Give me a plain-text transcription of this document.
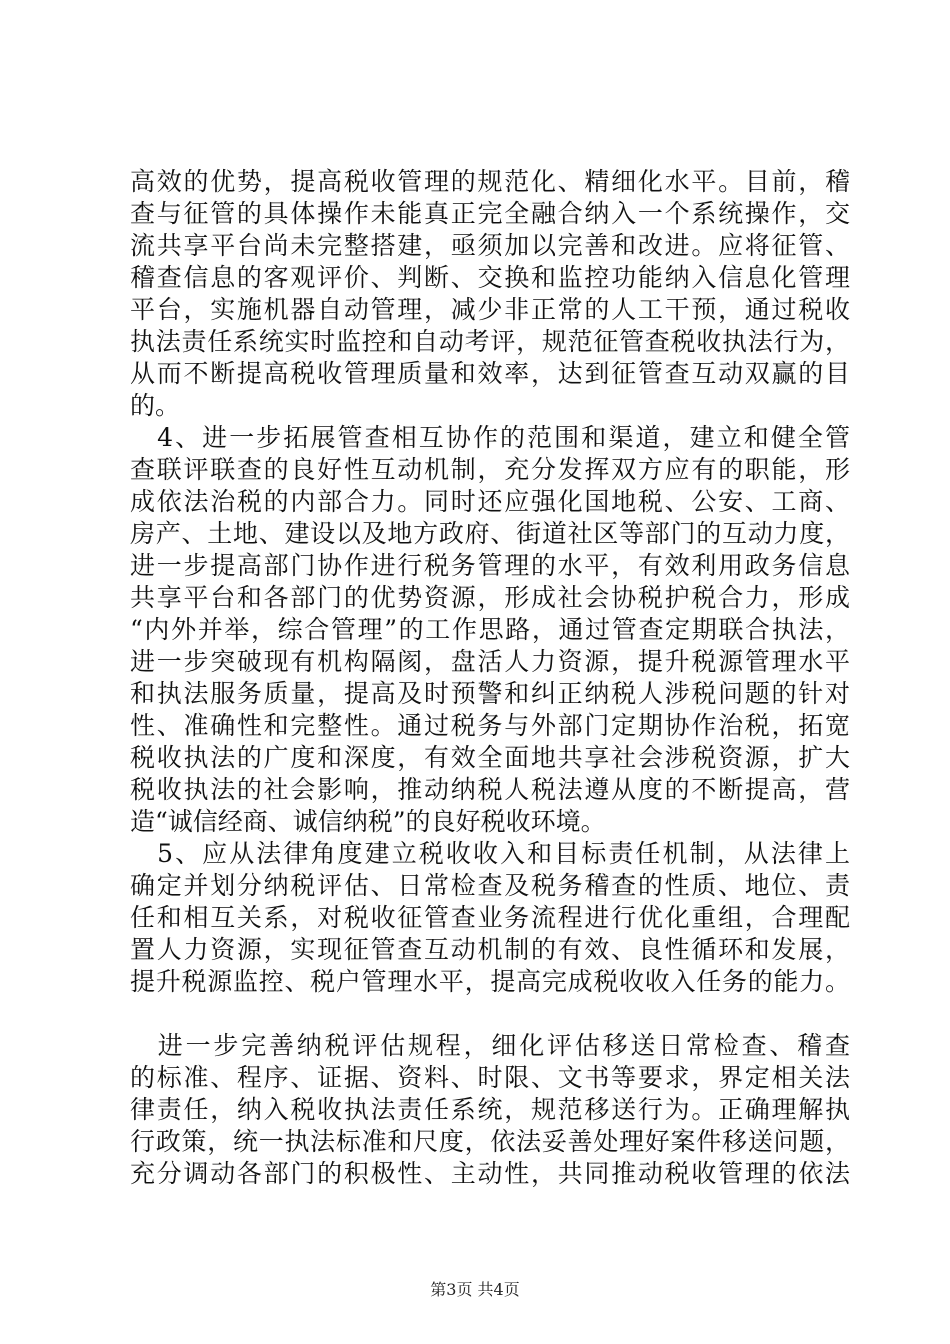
高效的优势，提高税收管理的规范化、精细化水平。目前，稽
查与征管的具体操作未能真正完全融合纳入一个系统操作，交
流共享平台尚未完整搭建，亟须加以完善和改进。应将征管、
稽查信息的客观评价、判断、交换和监控功能纳入信息化管理
平台，实施机器自动管理，减少非正常的人工干预，通过税收
执法责任系统实时监控和自动考评，规范征管查税收执法行为，
从而不断提高税收管理质量和效率，达到征管查互动双赢的目
的。
　4、进一步拓展管查相互协作的范围和渠道，建立和健全管
查联评联查的良好性互动机制，充分发挥双方应有的职能，形
成依法治税的内部合力。同时还应强化国地税、公安、工商、
房产、土地、建设以及地方政府、街道社区等部门的互动力度，
进一步提高部门协作进行税务管理的水平，有效利用政务信息
共享平台和各部门的优势资源，形成社会协税护税合力，形成
“内外并举，综合管理”的工作思路，通过管查定期联合执法，
进一步突破现有机构隔阂，盘活人力资源，提升税源管理水平
和执法服务质量，提高及时预警和纠正纳税人涉税问题的针对
性、准确性和完整性。通过税务与外部门定期协作治税，拓宽
税收执法的广度和深度，有效全面地共享社会涉税资源，扩大
税收执法的社会影响，推动纳税人税法遵从度的不断提高，营
造“诚信经商、诚信纳税”的良好税收环境。
　5、应从法律角度建立税收收入和目标责任机制，从法律上
确定并划分纳税评估、日常检查及税务稽查的性质、地位、责
任和相互关系，对税收征管查业务流程进行优化重组，合理配
置人力资源，实现征管查互动机制的有效、良性循环和发展，
提升税源监控、税户管理水平，提高完成税收收入任务的能力。
　进一步完善纳税评估规程，细化评估移送日常检查、稽查
的标准、程序、证据、资料、时限、文书等要求，界定相关法
律责任，纳入税收执法责任系统，规范移送行为。正确理解执
行政策，统一执法标准和尺度，依法妥善处理好案件移送问题，
充分调动各部门的积极性、主动性，共同推动税收管理的依法
第3页 共4页
